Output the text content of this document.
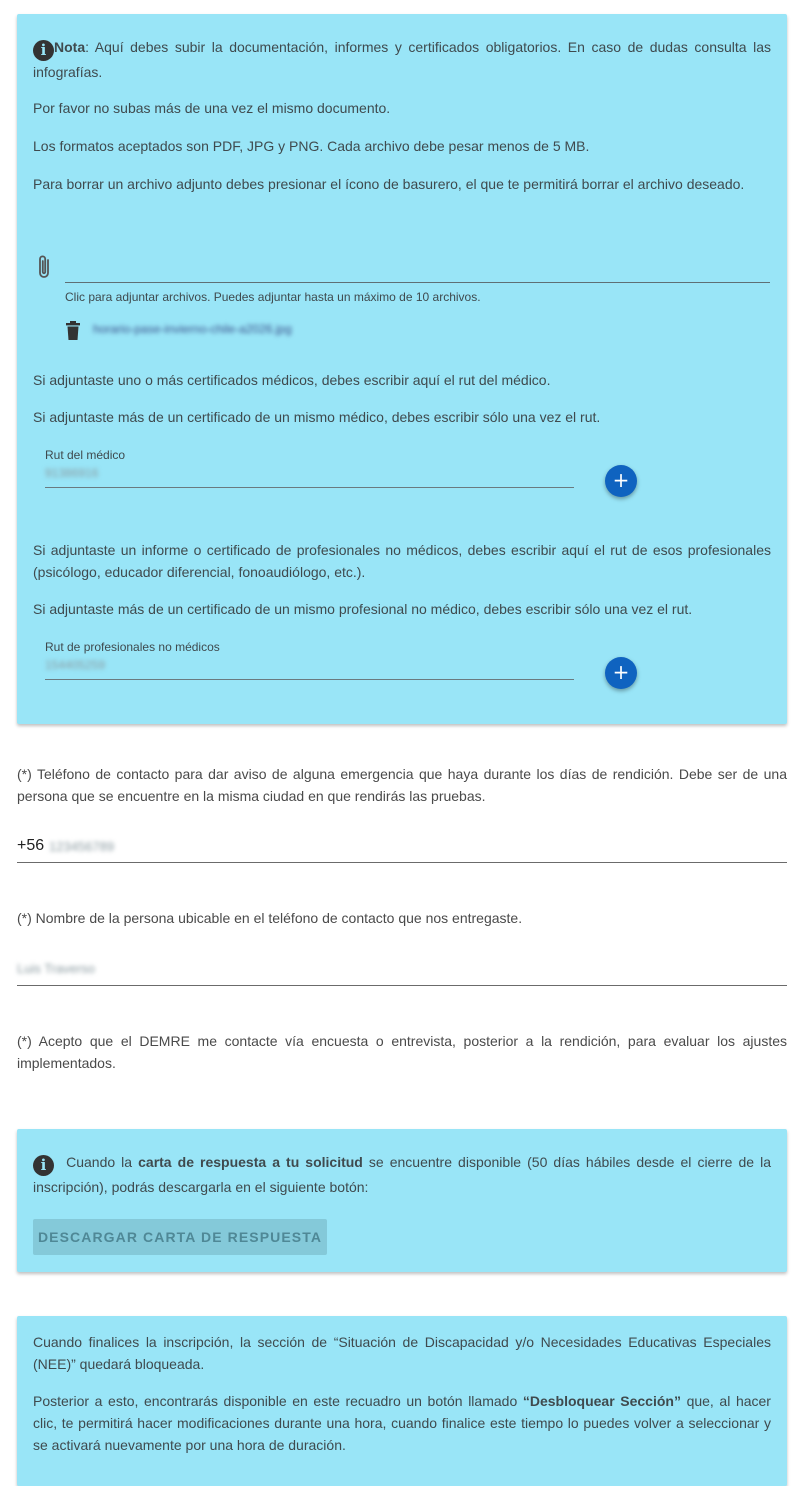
i Nota: Aquí debes subir la documentación, informes y certificados obligatorios. En caso de dudas consulta las infografías.
Por favor no subas más de una vez el mismo documento.
Los formatos aceptados son PDF, JPG y PNG. Cada archivo debe pesar menos de 5 MB.
Para borrar un archivo adjunto debes presionar el ícono de basurero, el que te permitirá borrar el archivo deseado.
Clic para adjuntar archivos. Puedes adjuntar hasta un máximo de 10 archivos.
horario-pase-invierno-chile-a2026.jpg
Si adjuntaste uno o más certificados médicos, debes escribir aquí el rut del médico.
Si adjuntaste más de un certificado de un mismo médico, debes escribir sólo una vez el rut.
Rut del médico
91386916	+
Si adjuntaste un informe o certificado de profesionales no médicos, debes escribir aquí el rut de esos profesionales (psicólogo, educador diferencial, fonoaudiólogo, etc.).
Si adjuntaste más de un certificado de un mismo profesional no médico, debes escribir sólo una vez el rut.
Rut de profesionales no médicos
154405259	+
(*) Teléfono de contacto para dar aviso de alguna emergencia que haya durante los días de rendición. Debe ser de una persona que se encuentre en la misma ciudad en que rendirás las pruebas.
+56 123456789
(*) Nombre de la persona ubicable en el teléfono de contacto que nos entregaste.
Luis Traverso
(*) Acepto que el DEMRE me contacte vía encuesta o entrevista, posterior a la rendición, para evaluar los ajustes implementados.
i Cuando la carta de respuesta a tu solicitud se encuentre disponible (50 días hábiles desde el cierre de la inscripción), podrás descargarla en el siguiente botón:
DESCARGAR CARTA DE RESPUESTA
Cuando finalices la inscripción, la sección de “Situación de Discapacidad y/o Necesidades Educativas Especiales (NEE)” quedará bloqueada.
Posterior a esto, encontrarás disponible en este recuadro un botón llamado “Desbloquear Sección” que, al hacer clic, te permitirá hacer modificaciones durante una hora, cuando finalice este tiempo lo puedes volver a seleccionar y se activará nuevamente por una hora de duración.
